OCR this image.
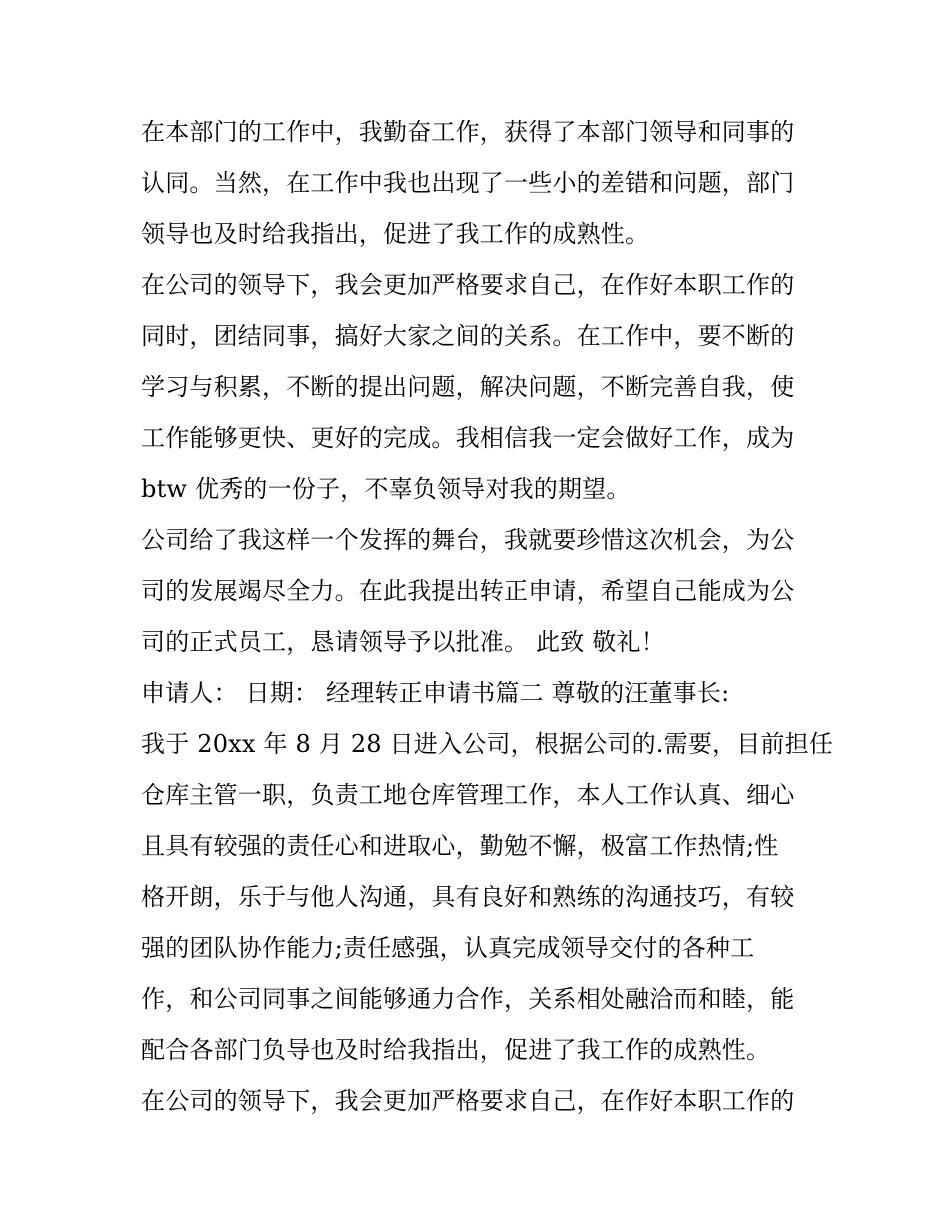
在本部门的工作中，我勤奋工作，获得了本部门领导和同事的
认同。当然，在工作中我也出现了一些小的差错和问题，部门
领导也及时给我指出，促进了我工作的成熟性。
在公司的领导下，我会更加严格要求自己，在作好本职工作的
同时，团结同事，搞好大家之间的关系。在工作中，要不断的
学习与积累，不断的提出问题，解决问题，不断完善自我，使
工作能够更快、更好的完成。我相信我一定会做好工作，成为
btw 优秀的一份子，不辜负领导对我的期望。
公司给了我这样一个发挥的舞台，我就要珍惜这次机会，为公
司的发展竭尽全力。在此我提出转正申请，希望自己能成为公
司的正式员工，恳请领导予以批准。 此致 敬礼！
申请人： 日期： 经理转正申请书篇二 尊敬的汪董事长:
我于 20xx 年 8 月 28 日进入公司，根据公司的.需要，目前担任
仓库主管一职，负责工地仓库管理工作，本人工作认真、细心
且具有较强的责任心和进取心，勤勉不懈，极富工作热情;性
格开朗，乐于与他人沟通，具有良好和熟练的沟通技巧，有较
强的团队协作能力;责任感强，认真完成领导交付的各种工
作，和公司同事之间能够通力合作，关系相处融洽而和睦，能
配合各部门负导也及时给我指出，促进了我工作的成熟性。
在公司的领导下，我会更加严格要求自己，在作好本职工作的
